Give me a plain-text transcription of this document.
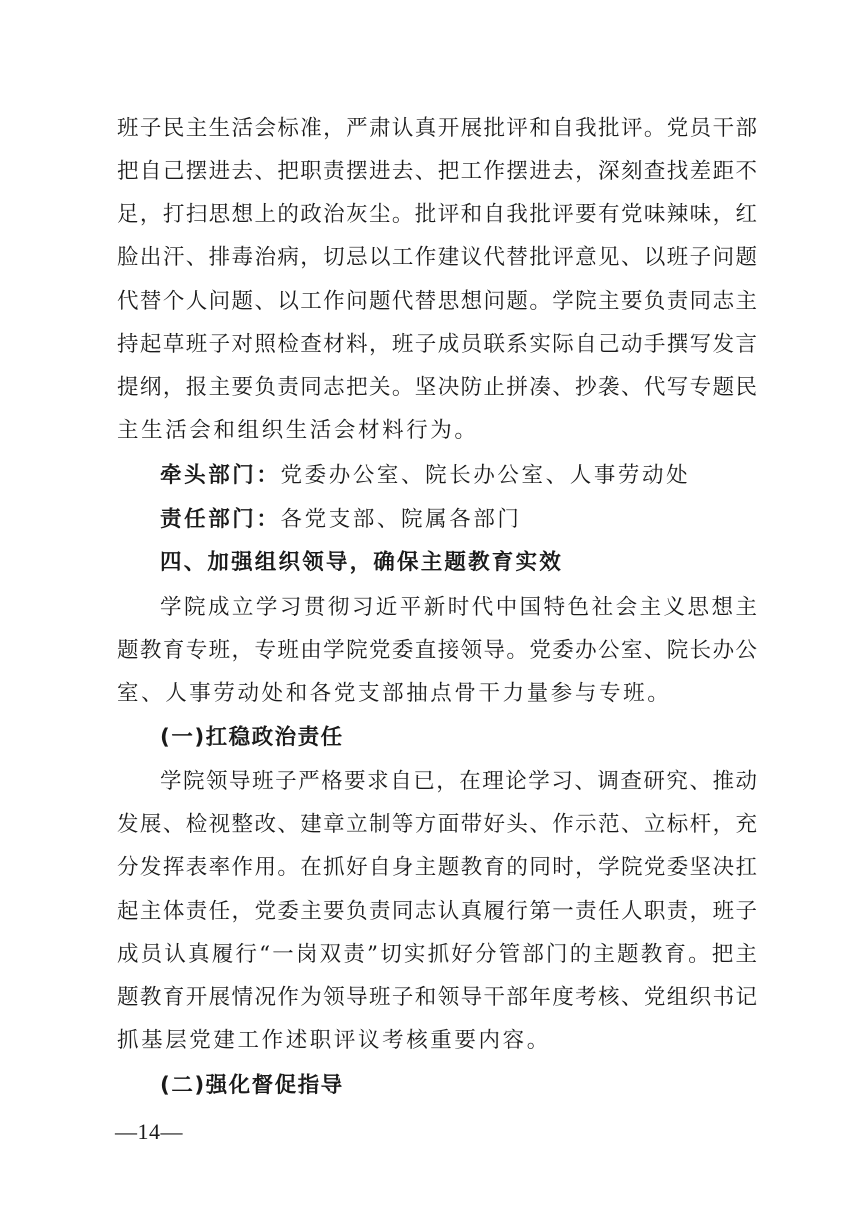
班子民主生活会标准，严肃认真开展批评和自我批评。党员干部
把自己摆进去、把职责摆进去、把工作摆进去，深刻查找差距不
足，打扫思想上的政治灰尘。批评和自我批评要有党味辣味，红
脸出汗、排毒治病，切忌以工作建议代替批评意见、以班子问题
代替个人问题、以工作问题代替思想问题。学院主要负责同志主
持起草班子对照检查材料，班子成员联系实际自己动手撰写发言
提纲，报主要负责同志把关。坚决防止拼凑、抄袭、代写专题民
主生活会和组织生活会材料行为。
牵头部门：党委办公室、院长办公室、人事劳动处
责任部门：各党支部、院属各部门
四、加强组织领导，确保主题教育实效
学院成立学习贯彻习近平新时代中国特色社会主义思想主
题教育专班，专班由学院党委直接领导。党委办公室、院长办公
室、人事劳动处和各党支部抽点骨干力量参与专班。
(一)扛稳政治责任
学院领导班子严格要求自已，在理论学习、调查研究、推动
发展、检视整改、建章立制等方面带好头、作示范、立标杆，充
分发挥表率作用。在抓好自身主题教育的同时，学院党委坚决扛
起主体责任，党委主要负责同志认真履行第一责任人职责，班子
成员认真履行“一岗双责”切实抓好分管部门的主题教育。把主
题教育开展情况作为领导班子和领导干部年度考核、党组织书记
抓基层党建工作述职评议考核重要内容。
(二)强化督促指导
—14—
